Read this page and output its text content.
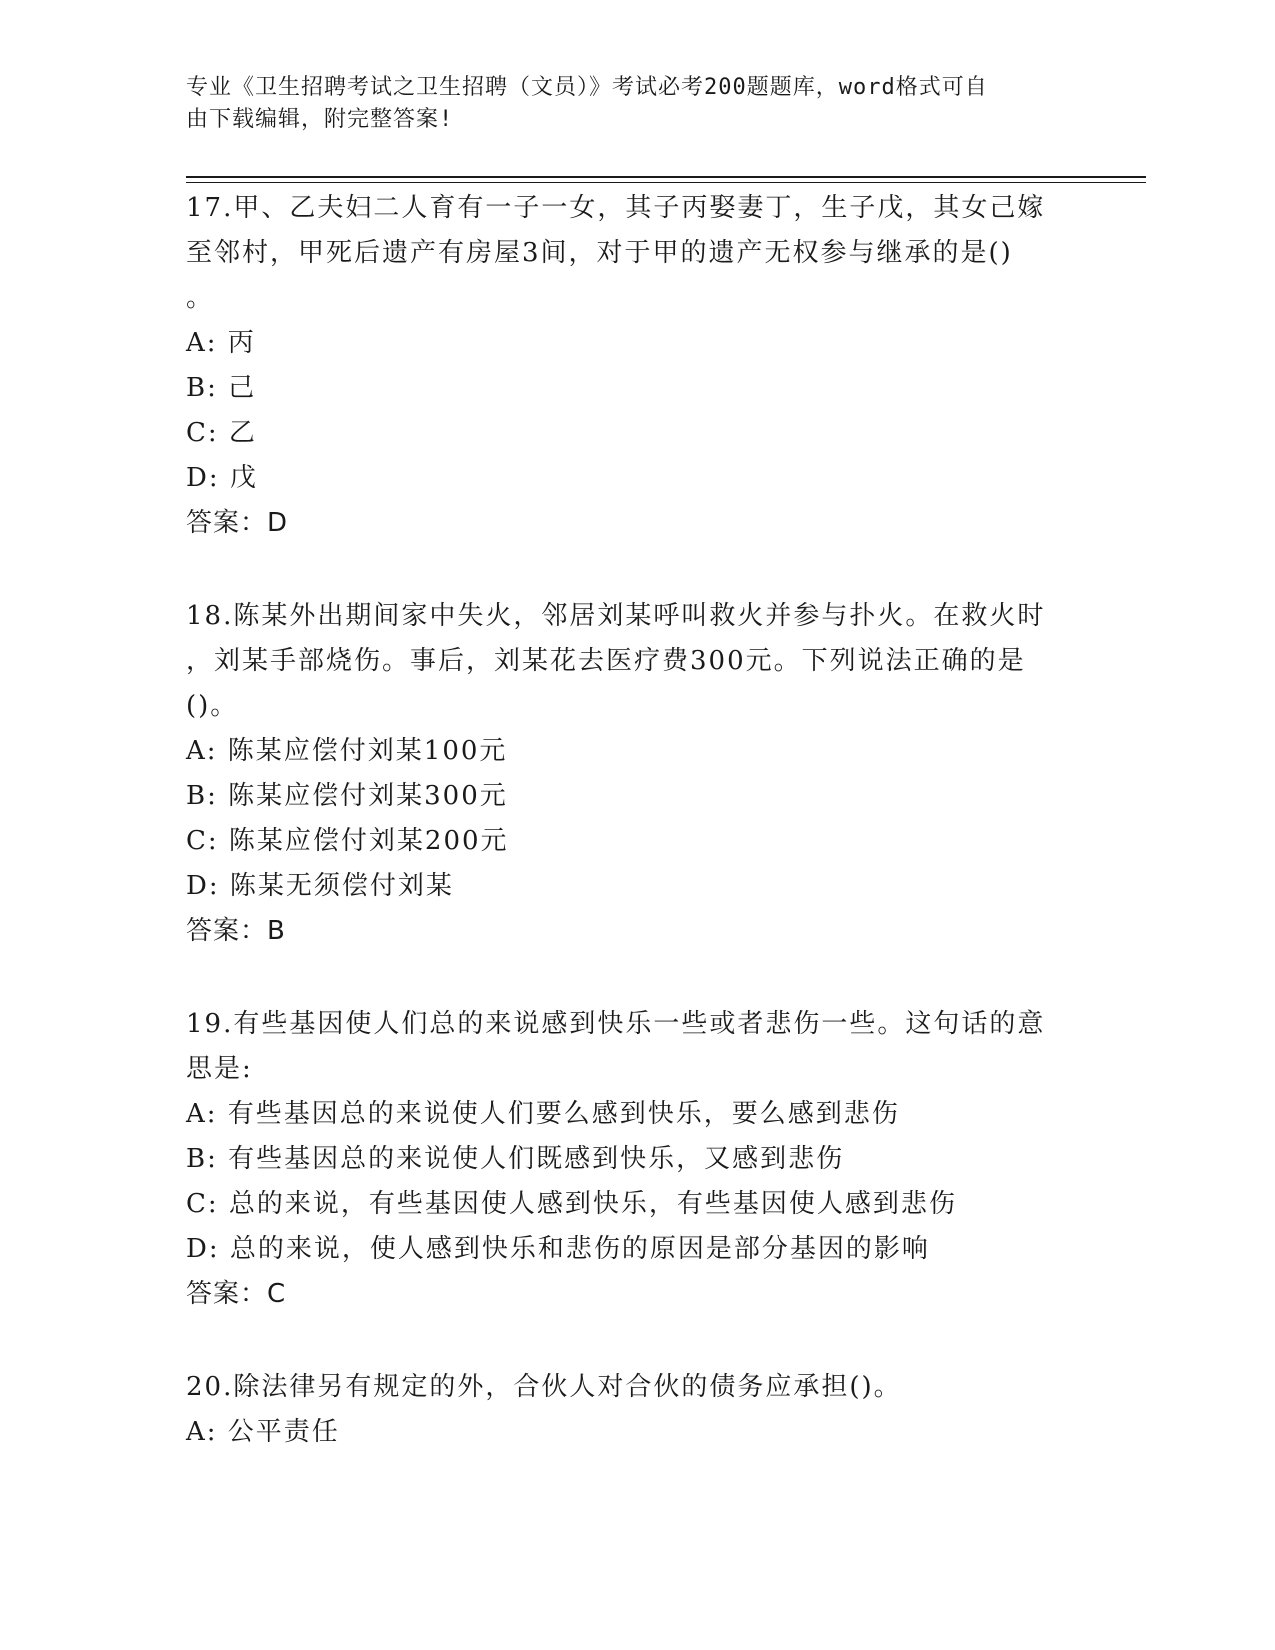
专业《卫生招聘考试之卫生招聘（文员）》考试必考200题题库，word格式可自
由下载编辑，附完整答案!
17.甲、乙夫妇二人育有一子一女，其子丙娶妻丁，生子戊，其女己嫁
至邻村，甲死后遗产有房屋3间，对于甲的遗产无权参与继承的是()
。
A: 丙
B: 己
C: 乙
D: 戊
答案：D
18.陈某外出期间家中失火，邻居刘某呼叫救火并参与扑火。在救火时
，刘某手部烧伤。事后，刘某花去医疗费300元。下列说法正确的是
()。
A: 陈某应偿付刘某100元
B: 陈某应偿付刘某300元
C: 陈某应偿付刘某200元
D: 陈某无须偿付刘某
答案：B
19.有些基因使人们总的来说感到快乐一些或者悲伤一些。这句话的意
思是:
A: 有些基因总的来说使人们要么感到快乐，要么感到悲伤
B: 有些基因总的来说使人们既感到快乐，又感到悲伤
C: 总的来说，有些基因使人感到快乐，有些基因使人感到悲伤
D: 总的来说，使人感到快乐和悲伤的原因是部分基因的影响
答案：C
20.除法律另有规定的外，合伙人对合伙的债务应承担()。
A: 公平责任
